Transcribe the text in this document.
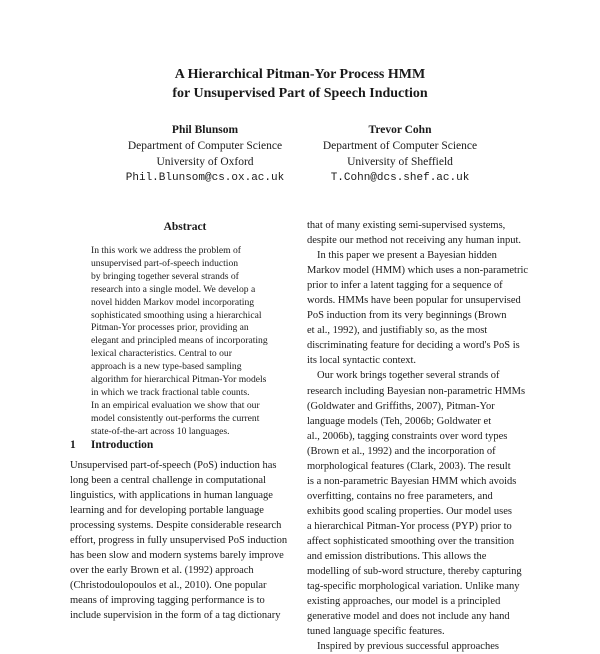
A Hierarchical Pitman-Yor Process HMM
for Unsupervised Part of Speech Induction
Phil Blunsom
Department of Computer Science
University of Oxford
Phil.Blunsom@cs.ox.ac.uk
Trevor Cohn
Department of Computer Science
University of Sheffield
T.Cohn@dcs.shef.ac.uk
Abstract
In this work we address the problem of
unsupervised part-of-speech induction
by bringing together several strands of
research into a single model. We develop a
novel hidden Markov model incorporating
sophisticated smoothing using a hierarchical
Pitman-Yor processes prior, providing an
elegant and principled means of incorporating
lexical characteristics. Central to our
approach is a new type-based sampling
algorithm for hierarchical Pitman-Yor models
in which we track fractional table counts.
In an empirical evaluation we show that our
model consistently out-performs the current
state-of-the-art across 10 languages.
1 Introduction
Unsupervised part-of-speech (PoS) induction has
long been a central challenge in computational
linguistics, with applications in human language
learning and for developing portable language
processing systems. Despite considerable research
effort, progress in fully unsupervised PoS induction
has been slow and modern systems barely improve
over the early Brown et al. (1992) approach
(Christodoulopoulos et al., 2010). One popular
means of improving tagging performance is to
include supervision in the form of a tag dictionary
that of many existing semi-supervised systems,
despite our method not receiving any human input.
In this paper we present a Bayesian hidden
Markov model (HMM) which uses a non-parametric
prior to infer a latent tagging for a sequence of
words. HMMs have been popular for unsupervised
PoS induction from its very beginnings (Brown
et al., 1992), and justifiably so, as the most
discriminating feature for deciding a word's PoS is
its local syntactic context.
Our work brings together several strands of
research including Bayesian non-parametric HMMs
(Goldwater and Griffiths, 2007), Pitman-Yor
language models (Teh, 2006b; Goldwater et
al., 2006b), tagging constraints over word types
(Brown et al., 1992) and the incorporation of
morphological features (Clark, 2003). The result
is a non-parametric Bayesian HMM which avoids
overfitting, contains no free parameters, and
exhibits good scaling properties. Our model uses
a hierarchical Pitman-Yor process (PYP) prior to
affect sophisticated smoothing over the transition
and emission distributions. This allows the
modelling of sub-word structure, thereby capturing
tag-specific morphological variation. Unlike many
existing approaches, our model is a principled
generative model and does not include any hand
tuned language specific features.
Inspired by previous successful approaches
